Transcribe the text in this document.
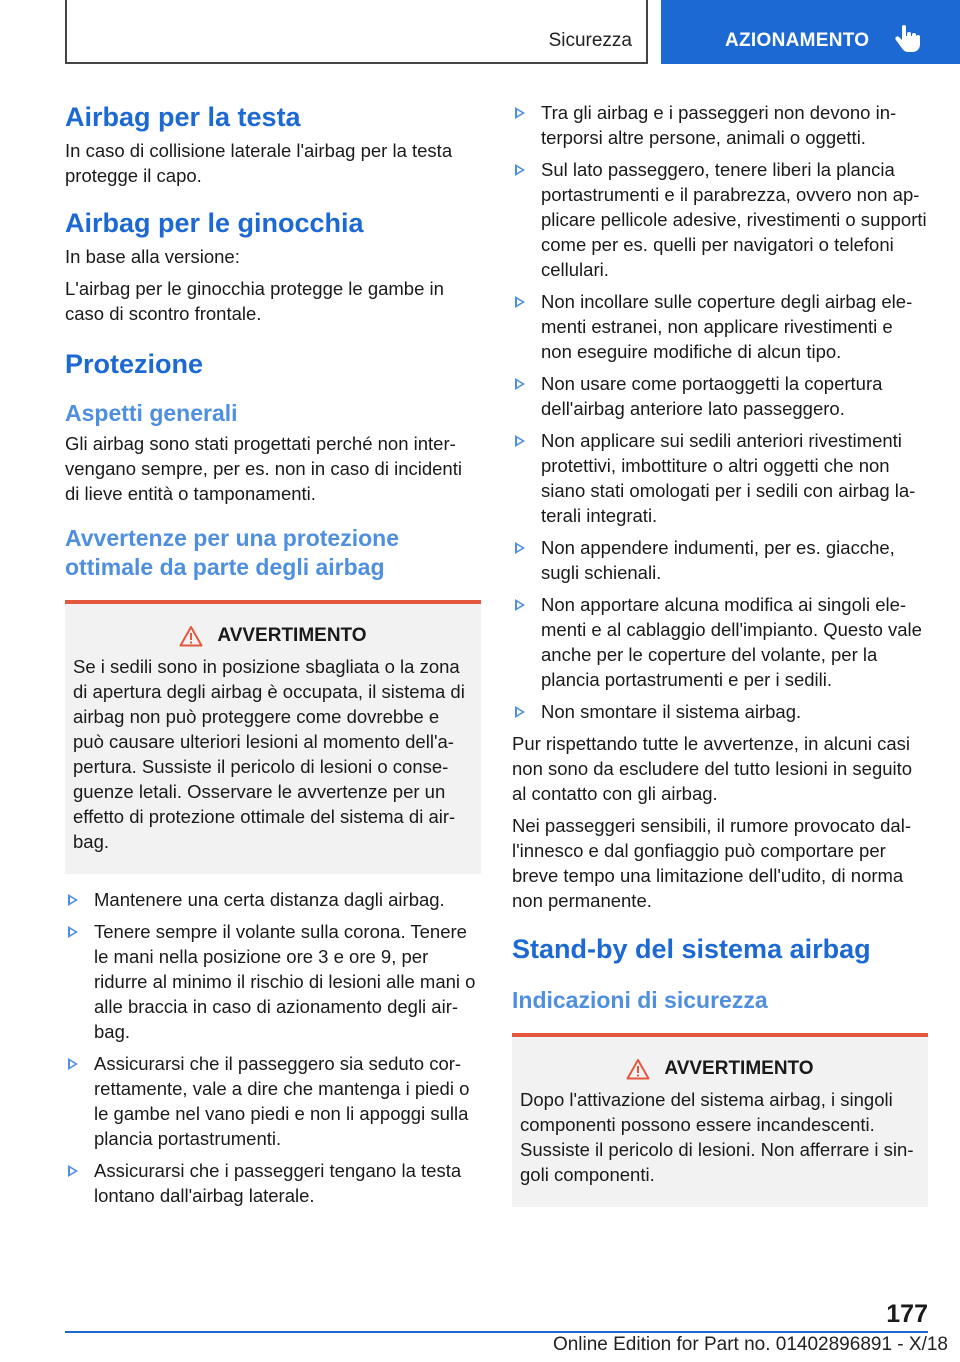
Sicurezza	AZIONAMENTO
Airbag per la testa

In caso di collisione laterale l'airbag per la testa protegge il capo.

Airbag per le ginocchia

In base alla versione:

L'airbag per le ginocchia protegge le gambe in caso di scontro frontale.

Protezione
Aspetti generali

Gli airbag sono stati progettati perché non intervengano sempre, per es. non in caso di incidenti di lieve entità o tamponamenti.

Avvertenze per una protezione ottimale da parte degli airbag
AVVERTIMENTO

Se i sedili sono in posizione sbagliata o la zona di apertura degli airbag è occupata, il sistema di airbag non può proteggere come dovrebbe e può causare ulteriori lesioni al momento dell'apertura. Sussiste il pericolo di lesioni o conseguenze letali. Osservare le avvertenze per un effetto di protezione ottimale del sistema di airbag.

Mantenere una certa distanza dagli airbag.
Tenere sempre il volante sulla corona. Tenere le mani nella posizione ore 3 e ore 9, per ridurre al minimo il rischio di lesioni alle mani o alle braccia in caso di azionamento degli airbag.
Assicurarsi che il passeggero sia seduto correttamente, vale a dire che mantenga i piedi o le gambe nel vano piedi e non li appoggi sulla plancia portastrumenti.
Assicurarsi che i passeggeri tengano la testa lontano dall'airbag laterale.
Tra gli airbag e i passeggeri non devono interporsi altre persone, animali o oggetti.
Sul lato passeggero, tenere liberi la plancia portastrumenti e il parabrezza, ovvero non applicare pellicole adesive, rivestimenti o supporti come per es. quelli per navigatori o telefoni cellulari.
Non incollare sulle coperture degli airbag elementi estranei, non applicare rivestimenti e non eseguire modifiche di alcun tipo.
Non usare come portaoggetti la copertura dell'airbag anteriore lato passeggero.
Non applicare sui sedili anteriori rivestimenti protettivi, imbottiture o altri oggetti che non siano stati omologati per i sedili con airbag laterali integrati.
Non appendere indumenti, per es. giacche, sugli schienali.
Non apportare alcuna modifica ai singoli elementi e al cablaggio dell'impianto. Questo vale anche per le coperture del volante, per la plancia portastrumenti e per i sedili.
Non smontare il sistema airbag.

Pur rispettando tutte le avvertenze, in alcuni casi non sono da escludere del tutto lesioni in seguito al contatto con gli airbag.

Nei passeggeri sensibili, il rumore provocato dall'innesco e dal gonfiaggio può comportare per breve tempo una limitazione dell'udito, di norma non permanente.

Stand-by del sistema airbag
Indicazioni di sicurezza
AVVERTIMENTO

Dopo l'attivazione del sistema airbag, i singoli componenti possono essere incandescenti. Sussiste il pericolo di lesioni. Non afferrare i singoli componenti.

177
Online Edition for Part no. 01402896891 - X/18
